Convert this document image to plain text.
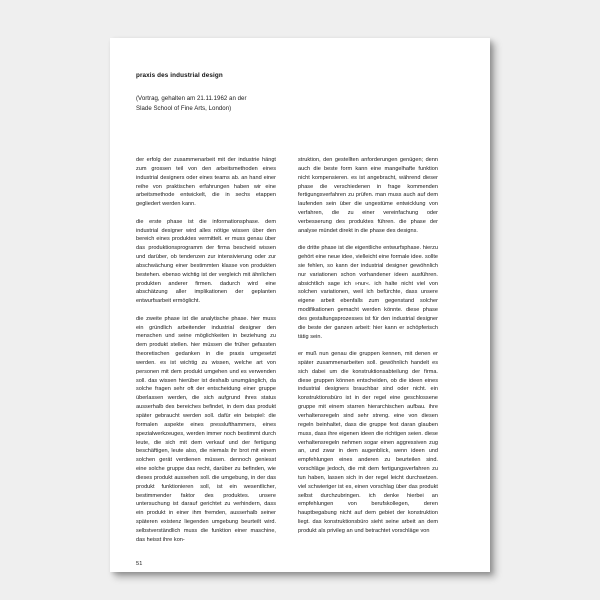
praxis des industrial design
(Vortrag, gehalten am 21.11.1962 an der
Slade School of Fine Arts, London)

der erfolg der zusammenarbeit mit der industrie hängt zum grossen teil von den arbeitsmethoden eines industrial designers oder eines teams ab. an hand einer reihe von praktischen erfahrungen haben wir eine arbeitsmethode entwickelt, die in sechs etappen gegliedert werden kann.

die erste phase ist die informationsphase. dem industrial designer wird alles nötige wissen über den bereich eines produktes vermittelt. er muss genau über das produktionsprogramm der firma bescheid wissen und darüber, ob tendenzen zur intensivierung oder zur abschwächung einer bestimmten klasse von produkten bestehen. ebenso wichtig ist der vergleich mit ähnlichen produkten anderer firmen. dadurch wird eine abschätzung aller implikationen der geplanten entwurfsarbeit ermöglicht.

die zweite phase ist die analytische phase. hier muss ein gründlich arbeitender industrial designer den menschen und seine möglichkeiten in beziehung zu dem produkt stellen. hier müssen die früher gefassten theoretischen gedanken in die praxis umgesetzt werden. es ist wichtig zu wissen, welche art von personen mit dem produkt umgehen und es verwenden soll. das wissen hierüber ist deshalb unumgänglich, da solche fragen sehr oft der entscheidung einer gruppe überlassen werden, die sich aufgrund ihres status ausserhalb des bereiches befindet, in dem das produkt später gebraucht werden soll. dafür ein beispiel: die formalen aspekte eines presslufthammers, eines spezialwerkzeuges, werden immer noch bestimmt durch leute, die sich mit dem verkauf und der fertigung beschäftigen, leute also, die niemals ihr brot mit einem solchen gerät verdienen müssen. dennoch geniesst eine solche gruppe das recht, darüber zu befinden, wie dieses produkt aussehen soll. die umgebung, in der das produkt funktionieren soll, ist ein wesentlicher, bestimmender faktor des produktes. unsere untersuchung ist darauf gerichtet zu verhindern, dass ein produkt in einer ihm fremden, ausserhalb seiner späteren existenz liegenden umgebung beurteilt wird. selbstverständlich muss die funktion einer maschine, das heisst ihre kon-

51

struktion, den gestellten anforderungen genügen; denn auch die beste form kann eine mangelhafte funktion nicht kompensieren. es ist angebracht, während dieser phase die verschiedenen in frage kommenden fertigungsverfahren zu prüfen. man muss auch auf dem laufenden sein über die ungestüme entwicklung von verfahren, die zu einer vereinfachung oder verbesserung des produktes führen. die phase der analyse mündet direkt in die phase des designs.

die dritte phase ist die eigentliche entwurfsphase. hierzu gehört eine neue idee, vielleicht eine formale idee. sollte sie fehlen, so kann der industrial designer gewöhnlich nur variationen schon vorhandener ideen ausführen. absichtlich sage ich »nur«. ich halte nicht viel von solchen variationen, weil ich befürchte, dass unsere eigene arbeit ebenfalls zum gegenstand solcher modifikationen gemacht werden könnte. diese phase des gestaltungsprozesses ist für den industrial designer die beste der ganzen arbeit: hier kann er schöpferisch tätig sein.

er muß nun genau die gruppen kennen, mit denen er später zusammenarbeiten soll. gewöhnlich handelt es sich dabei um die konstruktionsabteilung der firma. diese gruppen können entscheiden, ob die ideen eines industrial designers brauchbar sind oder nicht. ein konstruktionsbüro ist in der regel eine geschlossene gruppe mit einem starren hierarchischen aufbau. ihre verhaltensregeln sind sehr streng. eine von diesen regeln beinhaltet, dass die gruppe fest daran glauben muss, dass ihre eigenen ideen die richtigen seien. diese verhaltensregeln nehmen sogar einen aggressiven zug an, und zwar in dem augenblick, wenn ideen und empfehlungen eines anderen zu beurteilen sind. vorschläge jedoch, die mit dem fertigungsverfahren zu tun haben, lassen sich in der regel leicht durchsetzen. viel schwieriger ist es, einen vorschlag über das produkt selbst durchzubringen. ich denke hierbei an empfehlungen von berufskollegen, deren hauptbegabung nicht auf dem gebiet der konstruktion liegt. das konstruktionsbüro sieht seine arbeit an dem produkt als privileg an und betrachtet vorschläge von
